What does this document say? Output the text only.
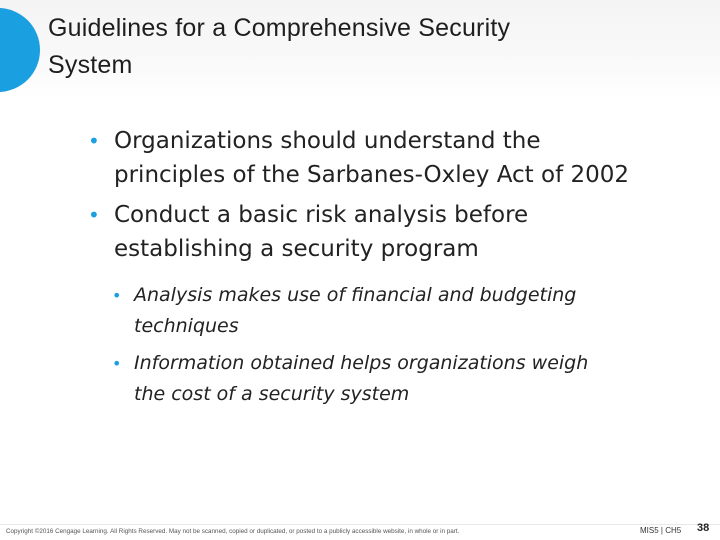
Guidelines for a Comprehensive Security
System
• Organizations should understand the
principles of the Sarbanes-Oxley Act of 2002
• Conduct a basic risk analysis before
establishing a security program
• Analysis makes use of financial and budgeting
techniques
• Information obtained helps organizations weigh
the cost of a security system
Copyright ©2016 Cengage Learning. All Rights Reserved. May not be scanned, copied or duplicated, or posted to a publicly accessible website, in whole or in part.	MIS5 | CH5 38
